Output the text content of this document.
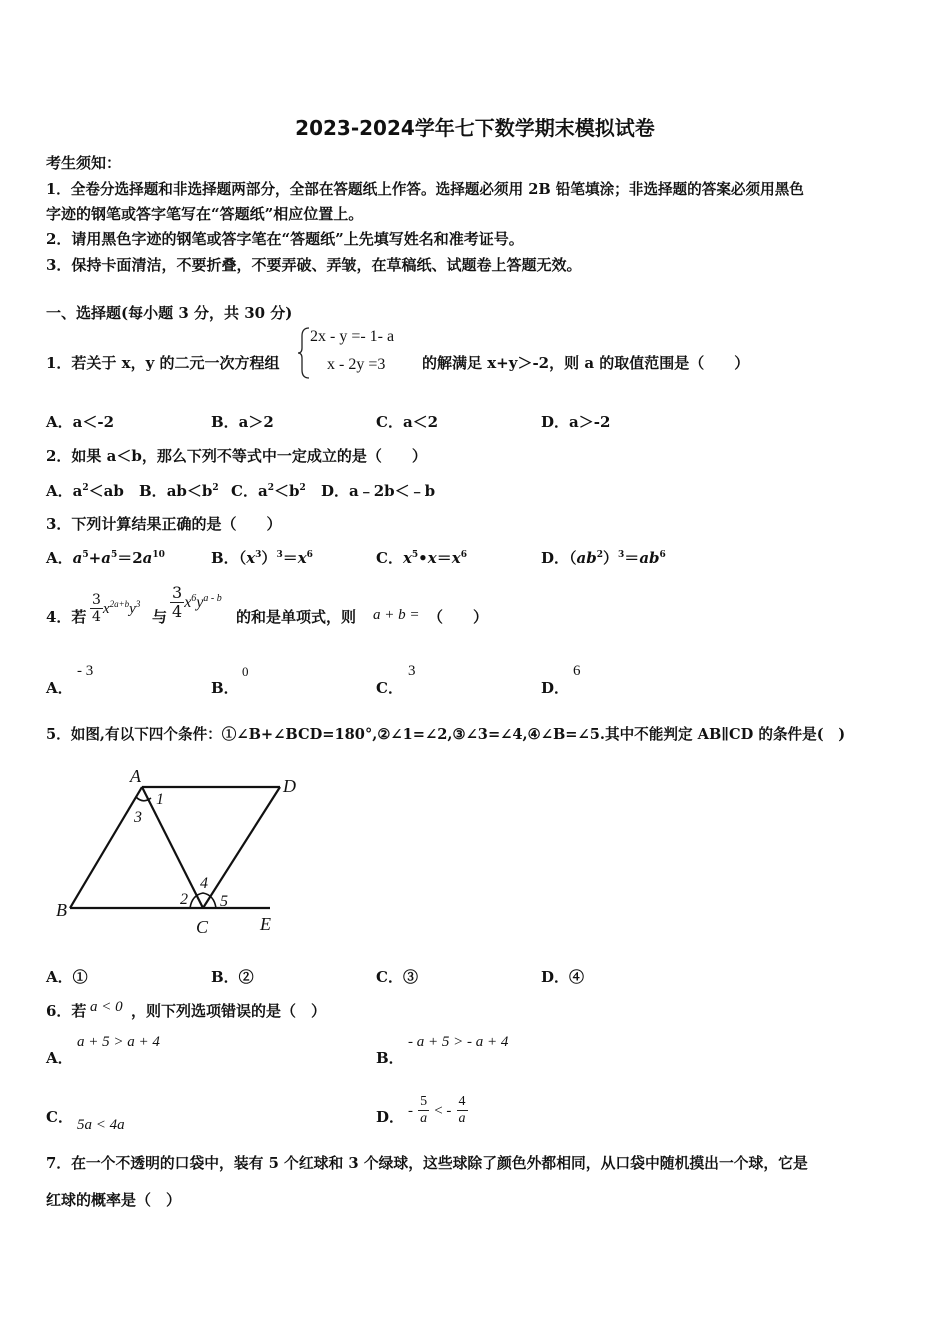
2023-2024学年七下数学期末模拟试卷
考生须知：
1．全卷分选择题和非选择题两部分，全部在答题纸上作答。选择题必须用 2B 铅笔填涂；非选择题的答案必须用黑色
字迹的钢笔或答字笔写在“答题纸”相应位置上。
2．请用黑色字迹的钢笔或答字笔在“答题纸”上先填写姓名和准考证号。
3．保持卡面清洁，不要折叠，不要弄破、弄皱，在草稿纸、试题卷上答题无效。
一、选择题(每小题 3 分，共 30 分)
1．若关于 x，y 的二元一次方程组
2x - y =- 1- a
x - 2y =3 的解满足 x+y＞-2，则 a 的取值范围是（　　）
A．a＜-2	B．a＞2	C．a＜2	D．a＞-2
2．如果 a＜b，那么下列不等式中一定成立的是（　　）
A．$a^2<ab$ B．$ab<b^2$ C．$a^2<b^2$ D．a﹣2b＜﹣b
3．下列计算结果正确的是（　　）
A．$a^5+a^5=2a^{10}$	B．$(x^3)^3=x^6$	C．$x^5•x=x^6$	D．$(ab^2)^3=ab^6$
4．若 $\frac{3}{4} x^{2a+b}y^3$
与 $\frac{3}{4} x^6y^{a - b}$
的和是单项式，则 a + b = （　　）
A．
- 3
B．
0
C．
3
D．
6
5．如图,有以下四个条件：①∠B+∠BCD=180°,②∠1=∠2,③∠3=∠4,④∠B=∠5.其中不能判定 AB∥CD 的条件是(　)
A	D
B
C	E
1
3
2
4
5
A．①	B．②	C．③	D．④
6．若 a < 0 ，则下列选项错误的是（　）
A．
a + 5 > a + 4
B．
- a + 5 > - a + 4
C． 5a < 4a	D． - $\frac{5}{a}$ < - $\frac{4}{a}$
7．在一个不透明的口袋中，装有 5 个红球和 3 个绿球，这些球除了颜色外都相同，从口袋中随机摸出一个球，它是
红球的概率是（　）
